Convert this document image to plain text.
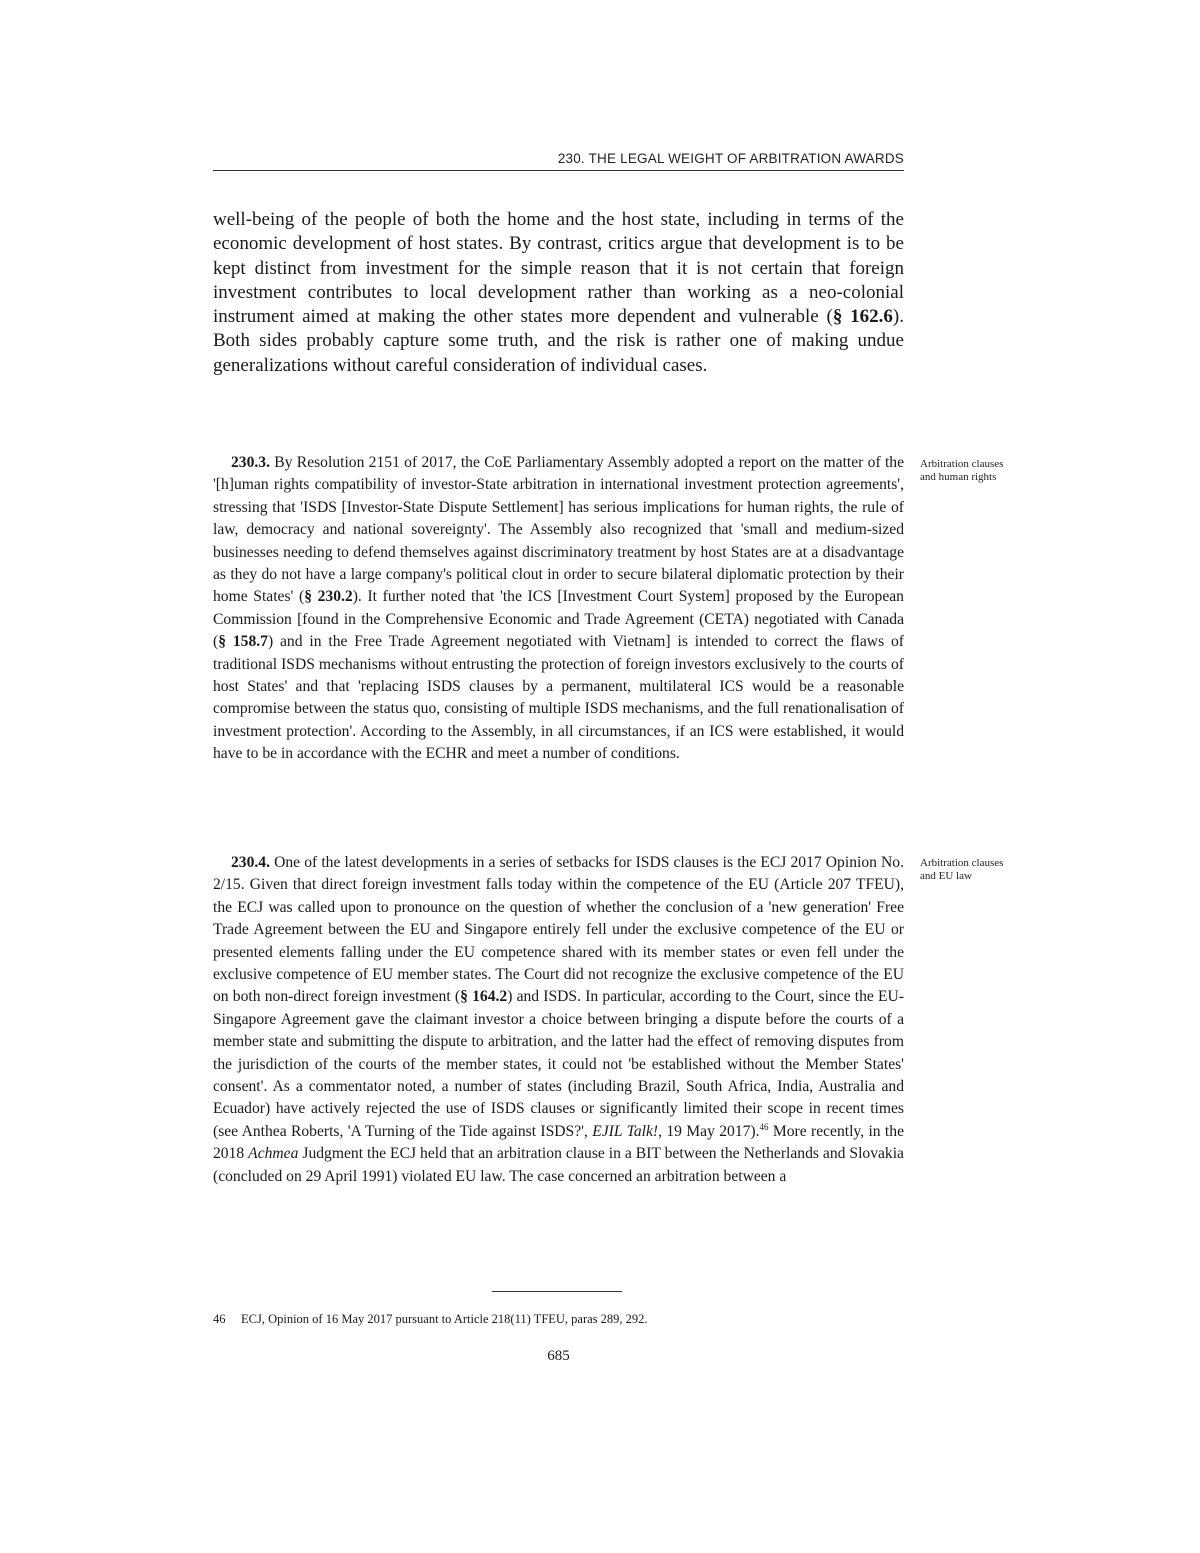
230. THE LEGAL WEIGHT OF ARBITRATION AWARDS

well-being of the people of both the home and the host state, including in terms of the economic development of host states. By contrast, critics argue that development is to be kept distinct from investment for the simple reason that it is not certain that foreign investment contributes to local development rather than working as a neo-colonial instrument aimed at making the other states more dependent and vulnerable (§ 162.6). Both sides probably capture some truth, and the risk is rather one of making undue generalizations without careful consideration of individual cases.

230.3. By Resolution 2151 of 2017, the CoE Parliamentary Assembly adopted a report on the matter of the '[h]uman rights compatibility of investor-State arbitration in international investment protection agreements', stressing that 'ISDS [Investor-State Dispute Settlement] has serious implications for human rights, the rule of law, democracy and national sovereignty'. The Assembly also recognized that 'small and medium-sized businesses needing to defend themselves against discriminatory treatment by host States are at a disadvantage as they do not have a large company's political clout in order to secure bilateral diplomatic protection by their home States' (§ 230.2). It further noted that 'the ICS [Investment Court System] proposed by the European Commission [found in the Comprehensive Economic and Trade Agreement (CETA) negotiated with Canada (§ 158.7) and in the Free Trade Agreement negotiated with Vietnam] is intended to correct the flaws of traditional ISDS mechanisms without entrusting the protection of foreign investors exclusively to the courts of host States' and that 'replacing ISDS clauses by a permanent, multilateral ICS would be a reasonable compromise between the status quo, consisting of multiple ISDS mechanisms, and the full renationalisation of investment protection'. According to the Assembly, in all circumstances, if an ICS were established, it would have to be in accordance with the ECHR and meet a number of conditions.

Arbitration clauses and human rights

230.4. One of the latest developments in a series of setbacks for ISDS clauses is the ECJ 2017 Opinion No. 2/15. Given that direct foreign investment falls today within the competence of the EU (Article 207 TFEU), the ECJ was called upon to pronounce on the question of whether the conclusion of a 'new generation' Free Trade Agreement between the EU and Singapore entirely fell under the exclusive competence of the EU or presented elements falling under the EU competence shared with its member states or even fell under the exclusive competence of EU member states. The Court did not recognize the exclusive competence of the EU on both non-direct foreign investment (§ 164.2) and ISDS. In particular, according to the Court, since the EU-Singapore Agreement gave the claimant investor a choice between bringing a dispute before the courts of a member state and submitting the dispute to arbitration, and the latter had the effect of removing disputes from the jurisdiction of the courts of the member states, it could not 'be established without the Member States' consent'. As a commentator noted, a number of states (including Brazil, South Africa, India, Australia and Ecuador) have actively rejected the use of ISDS clauses or significantly limited their scope in recent times (see Anthea Roberts, 'A Turning of the Tide against ISDS?', EJIL Talk!, 19 May 2017).$^{46}$ More recently, in the 2018 Achmea Judgment the ECJ held that an arbitration clause in a BIT between the Netherlands and Slovakia (concluded on 29 April 1991) violated EU law. The case concerned an arbitration between a

Arbitration clauses and EU law
46 ECJ, Opinion of 16 May 2017 pursuant to Article 218(11) TFEU, paras 289, 292.
685
